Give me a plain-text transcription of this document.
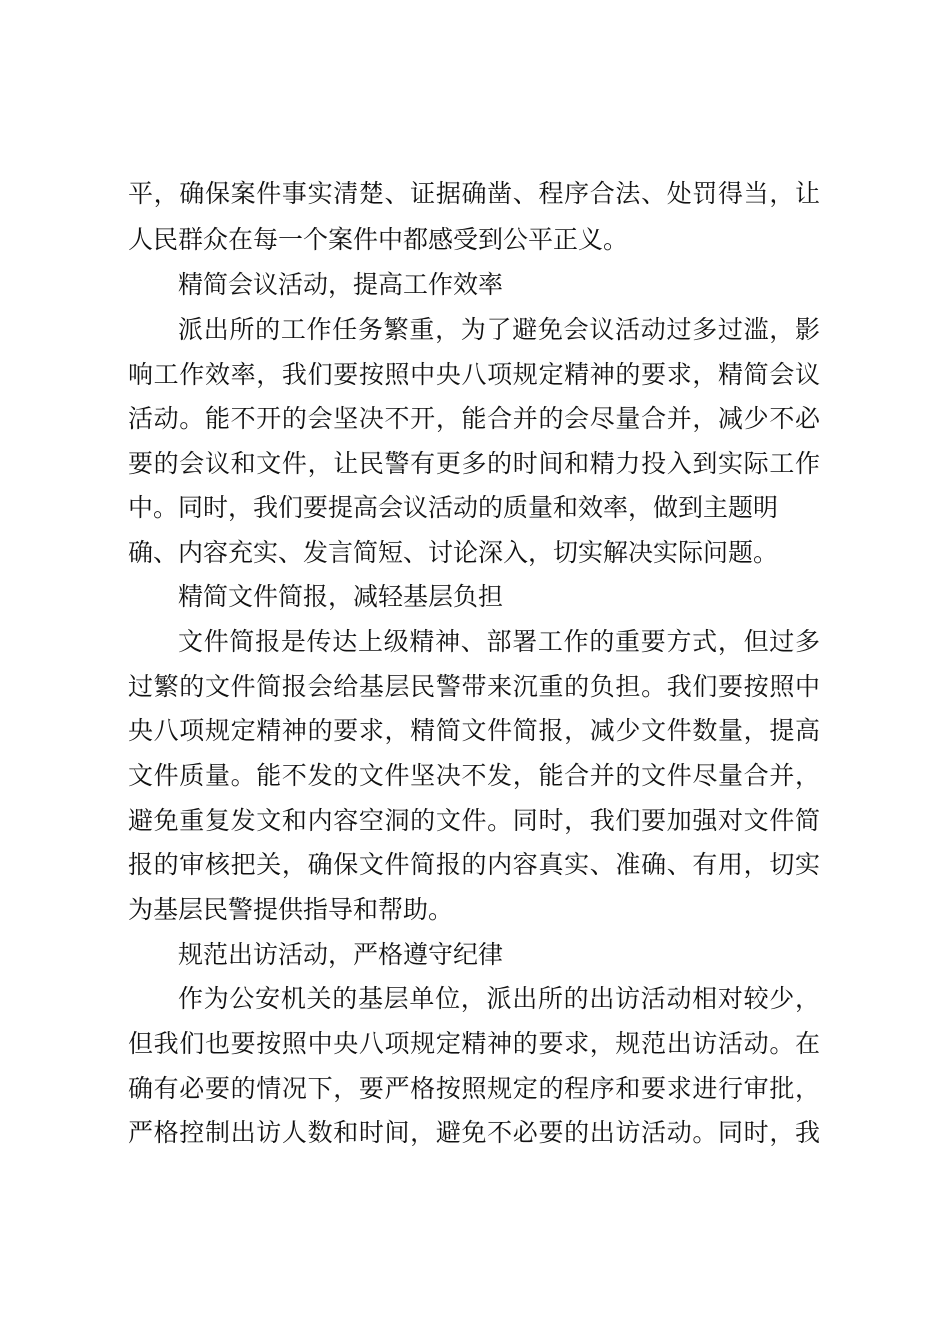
平，确保案件事实清楚、证据确凿、程序合法、处罚得当，让
人民群众在每一个案件中都感受到公平正义。
精简会议活动，提高工作效率
派出所的工作任务繁重，为了避免会议活动过多过滥，影
响工作效率，我们要按照中央八项规定精神的要求，精简会议
活动。能不开的会坚决不开，能合并的会尽量合并，减少不必
要的会议和文件，让民警有更多的时间和精力投入到实际工作
中。同时，我们要提高会议活动的质量和效率，做到主题明
确、内容充实、发言简短、讨论深入，切实解决实际问题。
精简文件简报，减轻基层负担
文件简报是传达上级精神、部署工作的重要方式，但过多
过繁的文件简报会给基层民警带来沉重的负担。我们要按照中
央八项规定精神的要求，精简文件简报，减少文件数量，提高
文件质量。能不发的文件坚决不发，能合并的文件尽量合并，
避免重复发文和内容空洞的文件。同时，我们要加强对文件简
报的审核把关，确保文件简报的内容真实、准确、有用，切实
为基层民警提供指导和帮助。
规范出访活动，严格遵守纪律
作为公安机关的基层单位，派出所的出访活动相对较少，
但我们也要按照中央八项规定精神的要求，规范出访活动。在
确有必要的情况下，要严格按照规定的程序和要求进行审批，
严格控制出访人数和时间，避免不必要的出访活动。同时，我
